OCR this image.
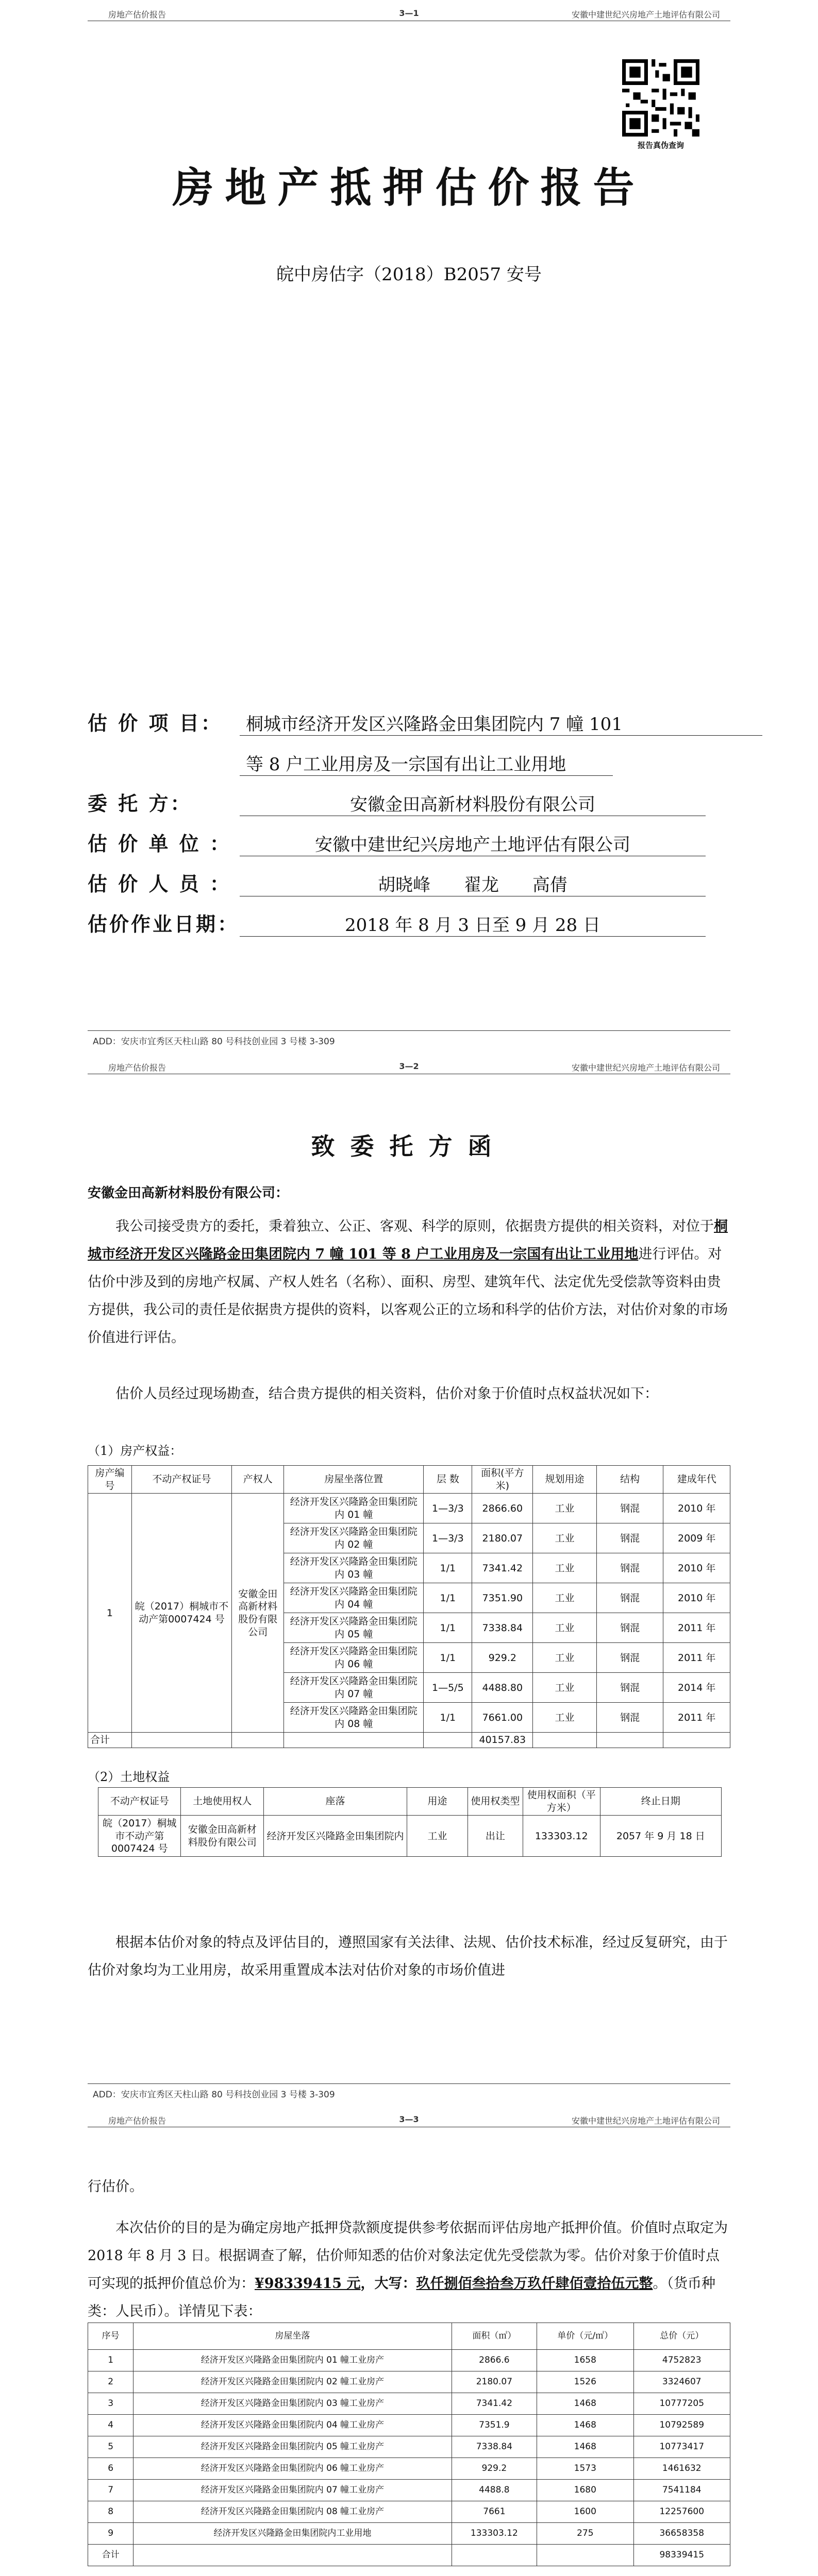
房地产估价报告	3—1	安徽中建世纪兴房地产土地评估有限公司
报告真伪查询
房地产抵押估价报告
皖中房估字（2018）B2057 安号
估 价 项 目：	桐城市经济开发区兴隆路金田集团院内 7 幢 101
等 8 户工业用房及一宗国有出让工业用地
委 托 方：	安徽金田高新材料股份有限公司
估 价 单 位 ：	安徽中建世纪兴房地产土地评估有限公司
估 价 人 员 ：	胡晓峰      翟龙      高倩
估价作业日期：	2018 年 8 月 3 日至 9 月 28 日
ADD：安庆市宜秀区天柱山路 80 号科技创业园 3 号楼 3-309
房地产估价报告	3—2	安徽中建世纪兴房地产土地评估有限公司
致委托方函
安徽金田高新材料股份有限公司：
我公司接受贵方的委托，秉着独立、公正、客观、科学的原则，依据贵方提供的相关资料，对位于桐城市经济开发区兴隆路金田集团院内 7 幢 101 等 8 户工业用房及一宗国有出让工业用地进行评估。对估价中涉及到的房地产权属、产权人姓名（名称）、面积、房型、建筑年代、法定优先受偿款等资料由贵方提供，我公司的责任是依据贵方提供的资料，以客观公正的立场和科学的估价方法，对估价对象的市场价值进行评估。
估价人员经过现场勘查，结合贵方提供的相关资料，估价对象于价值时点权益状况如下：
（1）房产权益：
房产编号	不动产权证号	产权人	房屋坐落位置	层 数	面积(平方米)	规划用途	结构	建成年代
1	皖（2017）桐城市不动产第0007424 号	安徽金田高新材料股份有限公司	经济开发区兴隆路金田集团院内 01 幢	1—3/3	2866.60	工业	钢混	2010 年
			经济开发区兴隆路金田集团院内 02 幢	1—3/3	2180.07	工业	钢混	2009 年
			经济开发区兴隆路金田集团院内 03 幢	1/1	7341.42	工业	钢混	2010 年
			经济开发区兴隆路金田集团院内 04 幢	1/1	7351.90	工业	钢混	2010 年
			经济开发区兴隆路金田集团院内 05 幢	1/1	7338.84	工业	钢混	2011 年
			经济开发区兴隆路金田集团院内 06 幢	1/1	929.2	工业	钢混	2011 年
			经济开发区兴隆路金田集团院内 07 幢	1—5/5	4488.80	工业	钢混	2014 年
			经济开发区兴隆路金田集团院内 08 幢	1/1	7661.00	工业	钢混	2011 年
合计					40157.83			
（2）土地权益
不动产权证号	土地使用权人	座落	用途	使用权类型	使用权面积（平方米）	终止日期
皖（2017）桐城市不动产第 0007424 号	安徽金田高新材料股份有限公司	经济开发区兴隆路金田集团院内	工业	出让	133303.12	2057 年 9 月 18 日
根据本估价对象的特点及评估目的，遵照国家有关法律、法规、估价技术标准，经过反复研究，由于估价对象均为工业用房，故采用重置成本法对估价对象的市场价值进
ADD：安庆市宜秀区天柱山路 80 号科技创业园 3 号楼 3-309
房地产估价报告	3—3	安徽中建世纪兴房地产土地评估有限公司
行估价。
本次估价的目的是为确定房地产抵押贷款额度提供参考依据而评估房地产抵押价值。价值时点取定为 2018 年 8 月 3 日。根据调查了解，估价师知悉的估价对象法定优先受偿款为零。估价对象于价值时点可实现的抵押价值总价为：¥98339415 元，大写：玖仟捌佰叁拾叁万玖仟肆佰壹拾伍元整。（货币种类：人民币）。详情见下表：
序号	房屋坐落	面积（㎡）	单价（元/㎡）	总价（元）
1	经济开发区兴隆路金田集团院内 01 幢工业房产	2866.6	1658	4752823
2	经济开发区兴隆路金田集团院内 02 幢工业房产	2180.07	1526	3324607
3	经济开发区兴隆路金田集团院内 03 幢工业房产	7341.42	1468	10777205
4	经济开发区兴隆路金田集团院内 04 幢工业房产	7351.9	1468	10792589
5	经济开发区兴隆路金田集团院内 05 幢工业房产	7338.84	1468	10773417
6	经济开发区兴隆路金田集团院内 06 幢工业房产	929.2	1573	1461632
7	经济开发区兴隆路金田集团院内 07 幢工业房产	4488.8	1680	7541184
8	经济开发区兴隆路金田集团院内 08 幢工业房产	7661	1600	12257600
9	经济开发区兴隆路金田集团院内工业用地	133303.12	275	36658358
合计				98339415
